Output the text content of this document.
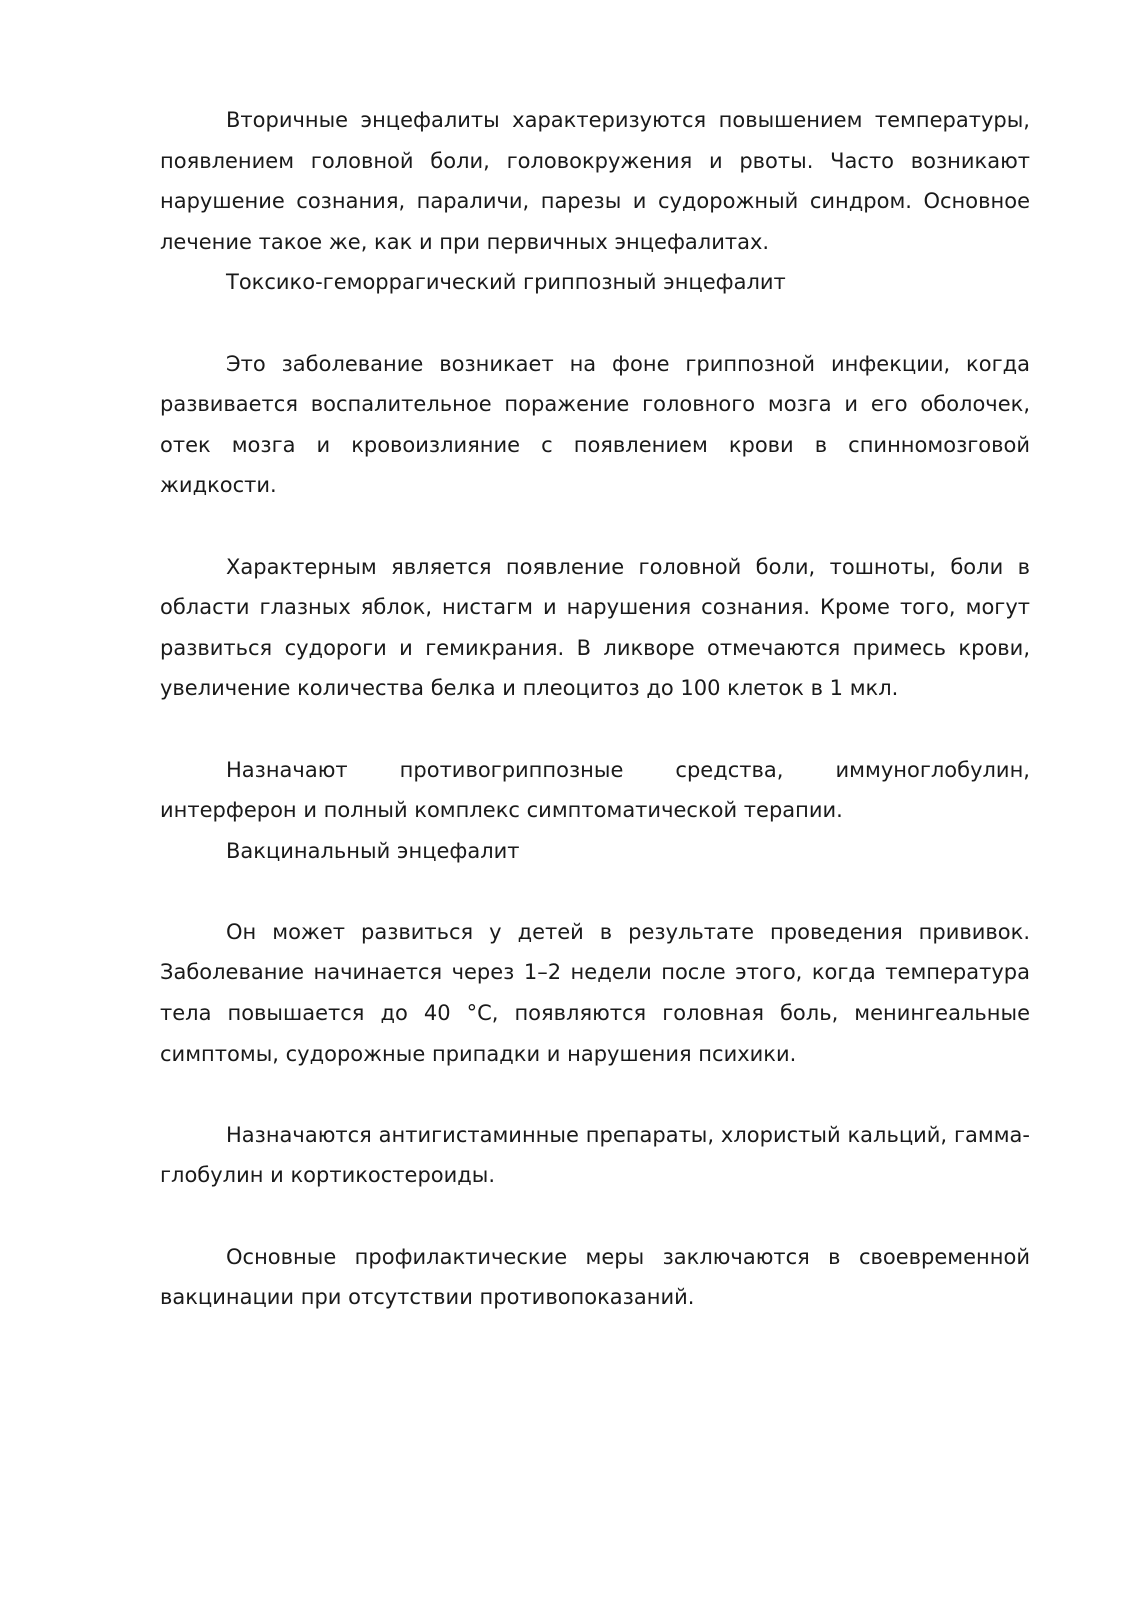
Вторичные энцефалиты характеризуются повышением температуры, появлением головной боли, головокружения и рвоты. Часто возникают нарушение сознания, параличи, парезы и судорожный синдром. Основное лечение такое же, как и при первичных энцефалитах.

Токсико-геморрагический гриппозный энцефалит

Это заболевание возникает на фоне гриппозной инфекции, когда развивается воспалительное поражение головного мозга и его оболочек, отек мозга и кровоизлияние с появлением крови в спинномозговой жидкости.

Характерным является появление головной боли, тошноты, боли в области глазных яблок, нистагм и нарушения сознания. Кроме того, могут развиться судороги и гемикрания. В ликворе отмечаются примесь крови, увеличение количества белка и плеоцитоз до 100 клеток в 1 мкл.

Назначают противогриппозные средства, иммуноглобулин, интерферон и полный комплекс симптоматической терапии.

Вакцинальный энцефалит

Он может развиться у детей в результате проведения прививок. Заболевание начинается через 1–2 недели после этого, когда температура тела повышается до 40 °С, появляются головная боль, менингеальные симптомы, судорожные припадки и нарушения психики.

Назначаются антигистаминные препараты, хлористый кальций, гамма-глобулин и кортикостероиды.

Основные профилактические меры заключаются в своевременной вакцинации при отсутствии противопоказаний.
